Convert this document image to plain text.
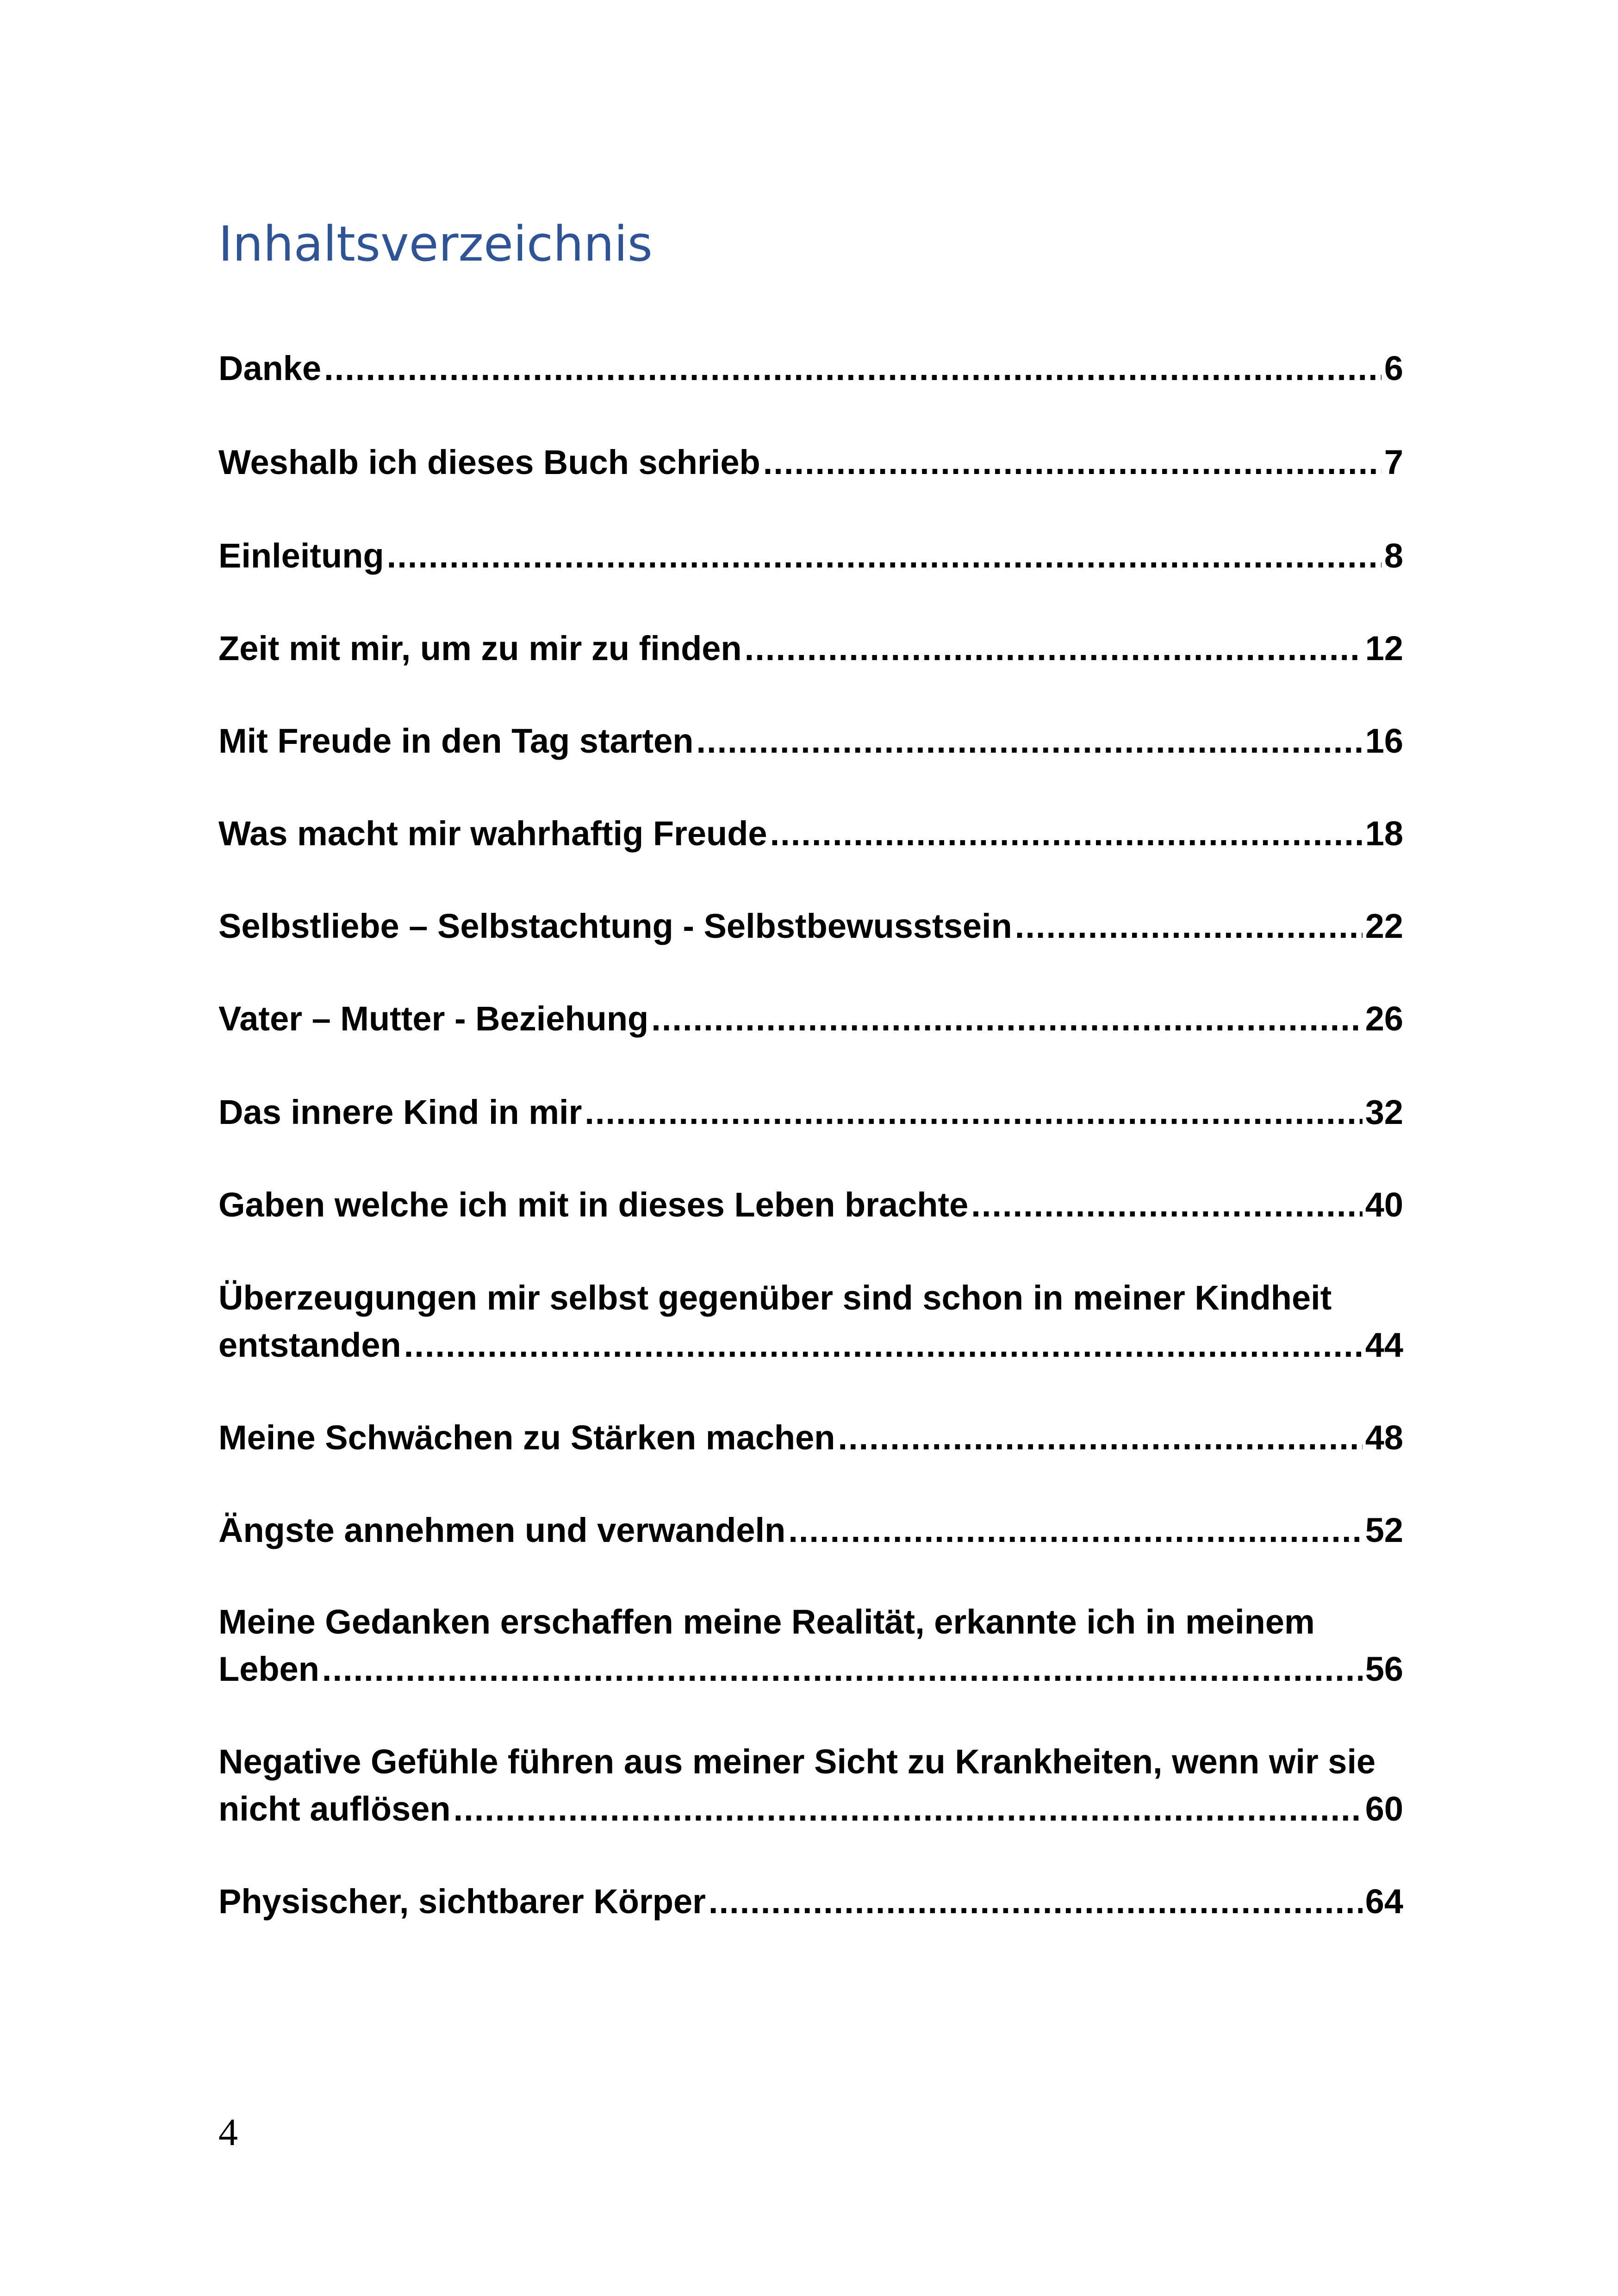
Inhaltsverzeichnis
Danke .....	6
Weshalb ich dieses Buch schrieb .....	7
Einleitung .....	8
Zeit mit mir, um zu mir zu finden .....	12
Mit Freude in den Tag starten .....	16
Was macht mir wahrhaftig Freude .....	18
Selbstliebe – Selbstachtung - Selbstbewusstsein .....	22
Vater – Mutter - Beziehung .....	26
Das innere Kind in mir .....	32
Gaben welche ich mit in dieses Leben brachte .....	40
Überzeugungen mir selbst gegenüber sind schon in meiner Kindheit
entstanden .....	44
Meine Schwächen zu Stärken machen .....	48
Ängste annehmen und verwandeln .....	52
Meine Gedanken erschaffen meine Realität, erkannte ich in meinem
Leben .....	56
Negative Gefühle führen aus meiner Sicht zu Krankheiten, wenn wir sie
nicht auflösen .....	60
Physischer, sichtbarer Körper .....	64
4
